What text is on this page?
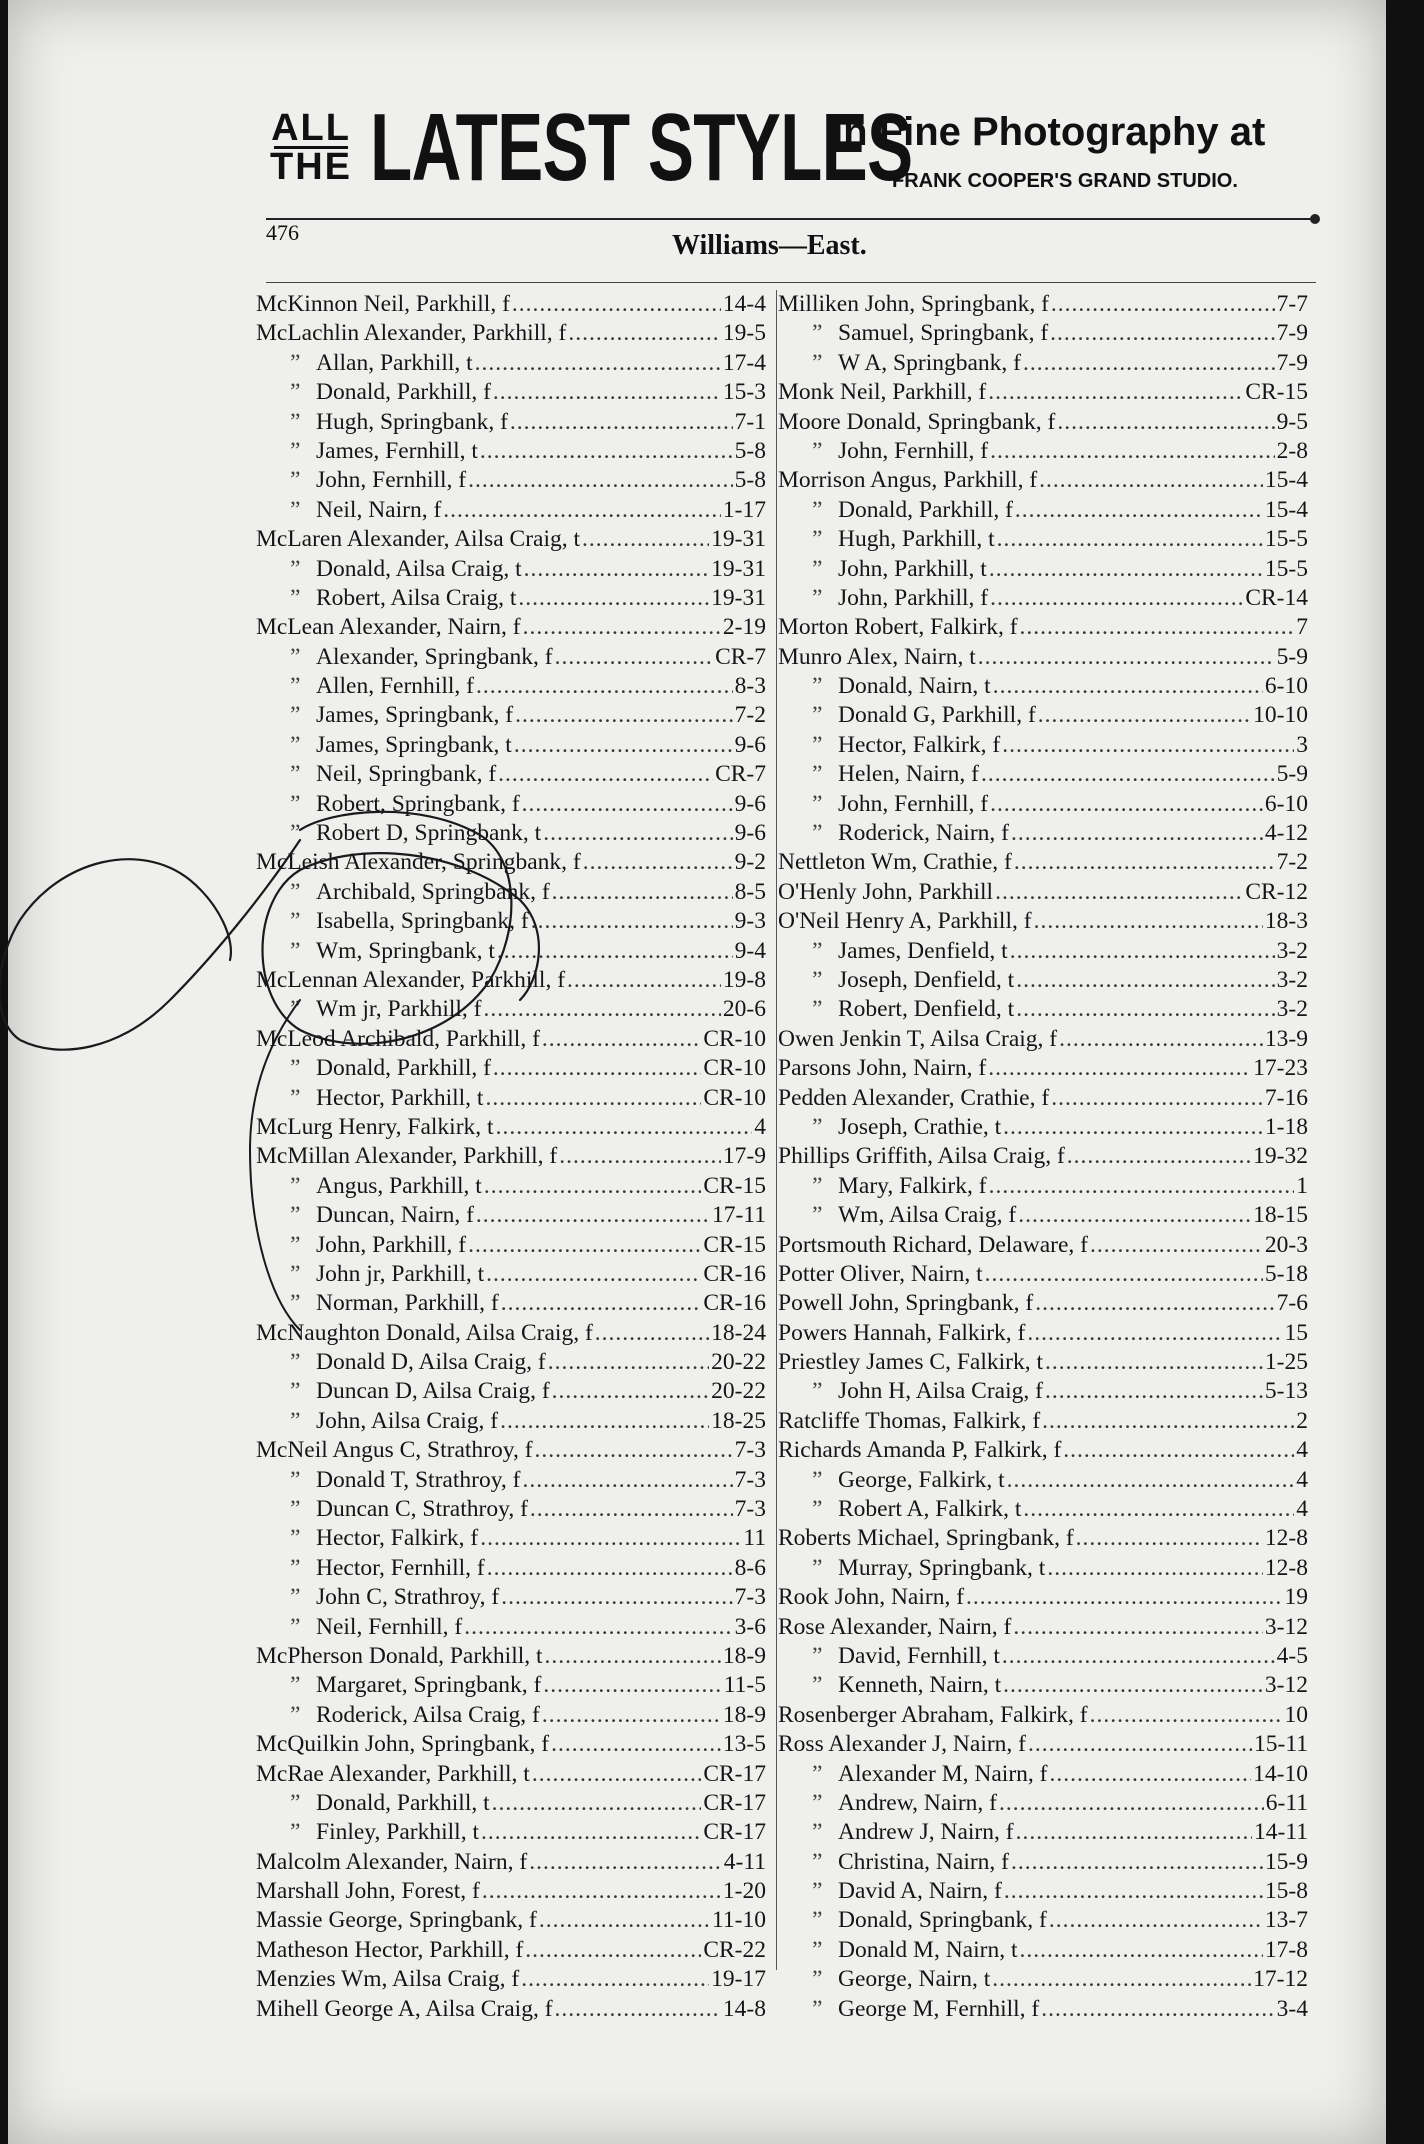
ALL
THE LATEST STYLES
In Fine Photography at
FRANK COOPER'S GRAND STUDIO.
476	Williams—East.
McKinnon Neil, Parkhill, f .....	14-4
McLachlin Alexander, Parkhill, f .....	19-5
” Allan, Parkhill, t .....	17-4
” Donald, Parkhill, f .....	15-3
” Hugh, Springbank, f .....	7-1
” James, Fernhill, t .....	5-8
” John, Fernhill, f .....	5-8
” Neil, Nairn, f .....	1-17
McLaren Alexander, Ailsa Craig, t .....	19-31
” Donald, Ailsa Craig, t .....	19-31
” Robert, Ailsa Craig, t .....	19-31
McLean Alexander, Nairn, f .....	2-19
” Alexander, Springbank, f .....	CR-7
” Allen, Fernhill, f .....	8-3
” James, Springbank, f .....	7-2
” James, Springbank, t .....	9-6
” Neil, Springbank, f .....	CR-7
” Robert, Springbank, f .....	9-6
” Robert D, Springbank, t .....	9-6
McLeish Alexander, Springbank, f .....	9-2
” Archibald, Springbank, f .....	8-5
” Isabella, Springbank, f .....	9-3
” Wm, Springbank, t .....	9-4
McLennan Alexander, Parkhill, f .....	19-8
” Wm jr, Parkhill, f .....	20-6
McLeod Archibald, Parkhill, f .....	CR-10
” Donald, Parkhill, f .....	CR-10
” Hector, Parkhill, t .....	CR-10
McLurg Henry, Falkirk, t .....	4
McMillan Alexander, Parkhill, f .....	17-9
” Angus, Parkhill, t .....	CR-15
” Duncan, Nairn, f .....	17-11
” John, Parkhill, f .....	CR-15
” John jr, Parkhill, t .....	CR-16
” Norman, Parkhill, f .....	CR-16
McNaughton Donald, Ailsa Craig, f .....	18-24
” Donald D, Ailsa Craig, f .....	20-22
” Duncan D, Ailsa Craig, f .....	20-22
” John, Ailsa Craig, f .....	18-25
McNeil Angus C, Strathroy, f .....	7-3
” Donald T, Strathroy, f .....	7-3
” Duncan C, Strathroy, f .....	7-3
” Hector, Falkirk, f .....	11
” Hector, Fernhill, f .....	8-6
” John C, Strathroy, f .....	7-3
” Neil, Fernhill, f .....	3-6
McPherson Donald, Parkhill, t .....	18-9
” Margaret, Springbank, f .....	11-5
” Roderick, Ailsa Craig, f .....	18-9
McQuilkin John, Springbank, f .....	13-5
McRae Alexander, Parkhill, t .....	CR-17
” Donald, Parkhill, t .....	CR-17
” Finley, Parkhill, t .....	CR-17
Malcolm Alexander, Nairn, f .....	4-11
Marshall John, Forest, f .....	1-20
Massie George, Springbank, f .....	11-10
Matheson Hector, Parkhill, f .....	CR-22
Menzies Wm, Ailsa Craig, f .....	19-17
Mihell George A, Ailsa Craig, f .....	14-8
Milliken John, Springbank, f .....	7-7
” Samuel, Springbank, f .....	7-9
” W A, Springbank, f .....	7-9
Monk Neil, Parkhill, f .....	CR-15
Moore Donald, Springbank, f .....	9-5
” John, Fernhill, f .....	2-8
Morrison Angus, Parkhill, f .....	15-4
” Donald, Parkhill, f .....	15-4
” Hugh, Parkhill, t .....	15-5
” John, Parkhill, t .....	15-5
” John, Parkhill, f .....	CR-14
Morton Robert, Falkirk, f .....	7
Munro Alex, Nairn, t .....	5-9
” Donald, Nairn, t .....	6-10
” Donald G, Parkhill, f .....	10-10
” Hector, Falkirk, f .....	3
” Helen, Nairn, f .....	5-9
” John, Fernhill, f .....	6-10
” Roderick, Nairn, f .....	4-12
Nettleton Wm, Crathie, f .....	7-2
O'Henly John, Parkhill .....	CR-12
O'Neil Henry A, Parkhill, f .....	18-3
” James, Denfield, t .....	3-2
” Joseph, Denfield, t .....	3-2
” Robert, Denfield, t .....	3-2
Owen Jenkin T, Ailsa Craig, f .....	13-9
Parsons John, Nairn, f .....	17-23
Pedden Alexander, Crathie, f .....	7-16
” Joseph, Crathie, t .....	1-18
Phillips Griffith, Ailsa Craig, f .....	19-32
” Mary, Falkirk, f .....	1
” Wm, Ailsa Craig, f .....	18-15
Portsmouth Richard, Delaware, f .....	20-3
Potter Oliver, Nairn, t .....	5-18
Powell John, Springbank, f .....	7-6
Powers Hannah, Falkirk, f .....	15
Priestley James C, Falkirk, t .....	1-25
” John H, Ailsa Craig, f .....	5-13
Ratcliffe Thomas, Falkirk, f .....	2
Richards Amanda P, Falkirk, f .....	4
” George, Falkirk, t .....	4
” Robert A, Falkirk, t .....	4
Roberts Michael, Springbank, f .....	12-8
” Murray, Springbank, t .....	12-8
Rook John, Nairn, f .....	19
Rose Alexander, Nairn, f .....	3-12
” David, Fernhill, t .....	4-5
” Kenneth, Nairn, t .....	3-12
Rosenberger Abraham, Falkirk, f .....	10
Ross Alexander J, Nairn, f .....	15-11
” Alexander M, Nairn, f .....	14-10
” Andrew, Nairn, f .....	6-11
” Andrew J, Nairn, f .....	14-11
” Christina, Nairn, f .....	15-9
” David A, Nairn, f .....	15-8
” Donald, Springbank, f .....	13-7
” Donald M, Nairn, t .....	17-8
” George, Nairn, t .....	17-12
” George M, Fernhill, f .....	3-4
